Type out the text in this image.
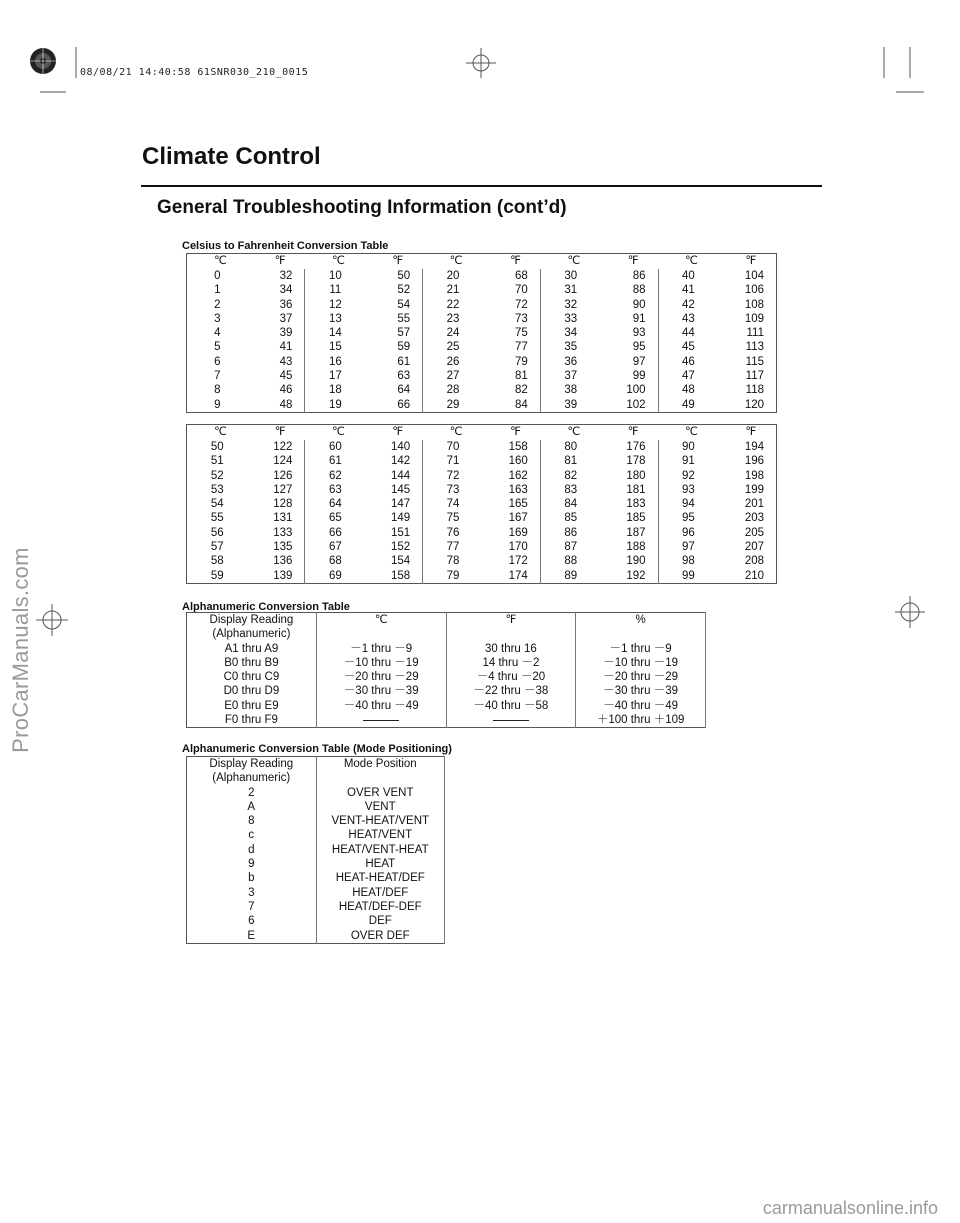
08/08/21 14:40:58 61SNR030_210_0015
ProCarManuals.com
Climate Control
General Troubleshooting Information (cont’d)
Celsius to Fahrenheit Conversion Table
℃	℉	℃	℉	℃	℉	℃	℉	℃	℉
0	32	10	50	20	68	30	86	40	104
1	34	11	52	21	70	31	88	41	106
2	36	12	54	22	72	32	90	42	108
3	37	13	55	23	73	33	91	43	109
4	39	14	57	24	75	34	93	44	111
5	41	15	59	25	77	35	95	45	113
6	43	16	61	26	79	36	97	46	115
7	45	17	63	27	81	37	99	47	117
8	46	18	64	28	82	38	100	48	118
9	48	19	66	29	84	39	102	49	120
℃	℉	℃	℉	℃	℉	℃	℉	℃	℉
50	122	60	140	70	158	80	176	90	194
51	124	61	142	71	160	81	178	91	196
52	126	62	144	72	162	82	180	92	198
53	127	63	145	73	163	83	181	93	199
54	128	64	147	74	165	84	183	94	201
55	131	65	149	75	167	85	185	95	203
56	133	66	151	76	169	86	187	96	205
57	135	67	152	77	170	87	188	97	207
58	136	68	154	78	172	88	190	98	208
59	139	69	158	79	174	89	192	99	210
Alphanumeric Conversion Table
Display Reading (Alphanumeric)	℃	℉	%
A1 thru A9	－1 thru －9	30 thru 16	－1 thru －9
B0 thru B9	－10 thru －19	14 thru －2	－10 thru －19
C0 thru C9	－20 thru －29	－4 thru －20	－20 thru －29
D0 thru D9	－30 thru －39	－22 thru －38	－30 thru －39
E0 thru E9	－40 thru －49	－40 thru －58	－40 thru －49
F0 thru F9			＋100 thru ＋109
Alphanumeric Conversion Table (Mode Positioning)
Display Reading (Alphanumeric)	Mode Position
2	OVER VENT
A	VENT
8	VENT-HEAT/VENT
c	HEAT/VENT
d	HEAT/VENT-HEAT
9	HEAT
b	HEAT-HEAT/DEF
3	HEAT/DEF
7	HEAT/DEF-DEF
6	DEF
E	OVER DEF
carmanualsonline.info
